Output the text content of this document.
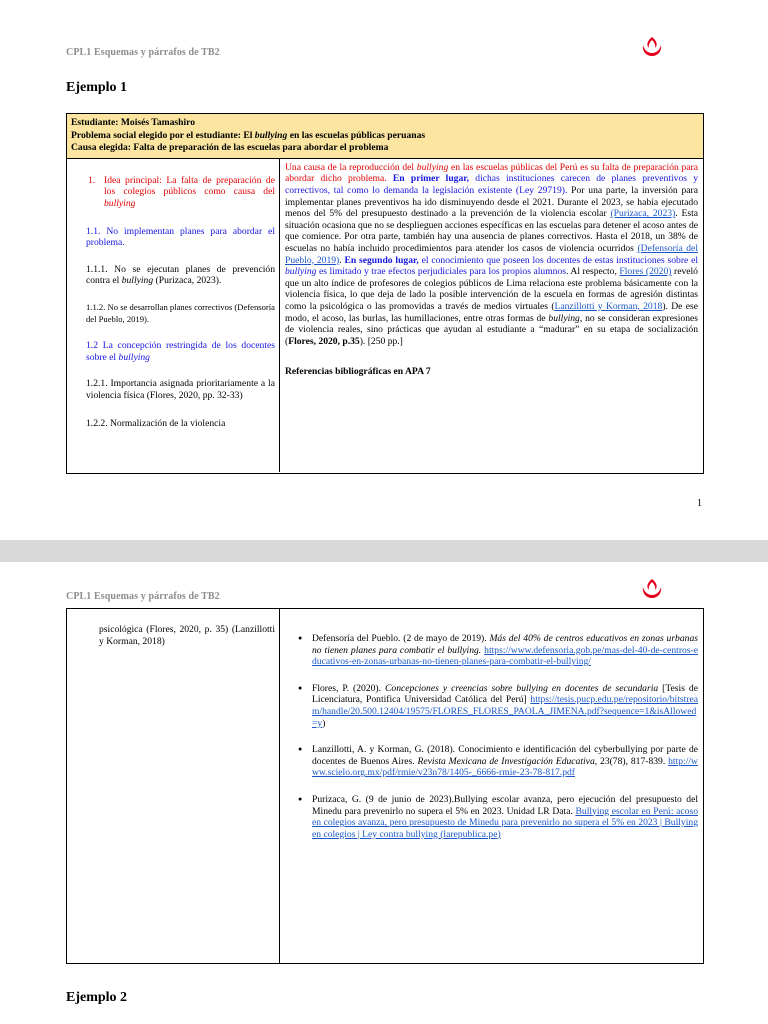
CPL1 Esquemas y párrafos de TB2
Ejemplo 1
Estudiante: Moisés Tamashiro
Problema social elegido por el estudiante: El bullying en las escuelas públicas peruanas
Causa elegida: Falta de preparación de las escuelas para abordar el problema
1. Idea principal: La falta de preparación de los colegios públicos como causa del bullying

1.1. No implementan planes para abordar el problema.

1.1.1. No se ejecutan planes de prevención contra el bullying (Purizaca, 2023).

1.1.2. No se desarrollan planes correctivos (Defensoría del Pueblo, 2019).

1.2 La concepción restringida de los docentes sobre el bullying

1.2.1. Importancia asignada prioritariamente a la violencia física (Flores, 2020, pp. 32-33)

1.2.2. Normalización de la violencia

Una causa de la reproducción del bullying en las escuelas públicas del Perú es su falta de preparación para abordar dicho problema. En primer lugar, dichas instituciones carecen de planes preventivos y correctivos, tal como lo demanda la legislación existente (Ley 29719). Por una parte, la inversión para implementar planes preventivos ha ido disminuyendo desde el 2021. Durante el 2023, se había ejecutado menos del 5% del presupuesto destinado a la prevención de la violencia escolar (Purizaca, 2023). Esta situación ocasiona que no se desplieguen acciones específicas en las escuelas para detener el acoso antes de que comience. Por otra parte, también hay una ausencia de planes correctivos. Hasta el 2018, un 38% de escuelas no había incluido procedimientos para atender los casos de violencia ocurridos (Defensoría del Pueblo, 2019). En segundo lugar, el conocimiento que poseen los docentes de estas instituciones sobre el bullying es limitado y trae efectos perjudiciales para los propios alumnos. Al respecto, Flores (2020) reveló que un alto índice de profesores de colegios públicos de Lima relaciona este problema básicamente con la violencia física, lo que deja de lado la posible intervención de la escuela en formas de agresión distintas como la psicológica o las promovidas a través de medios virtuales (Lanzillotti y Korman, 2018). De ese modo, el acoso, las burlas, las humillaciones, entre otras formas de bullying, no se consideran expresiones de violencia reales, sino prácticas que ayudan al estudiante a “madurar” en su etapa de socialización (Flores, 2020, p.35). [250 pp.]
Referencias bibliográficas en APA 7
1
CPL1 Esquemas y párrafos de TB2
psicológica (Flores, 2020, p. 35) (Lanzillotti y Korman, 2018)
●	Defensoría del Pueblo. (2 de mayo de 2019). Más del 40% de centros educativos en zonas urbanas no tienen planes para combatir el bullying. https://www.defensoria.gob.pe/mas-del-40-de-centros-educativos-en-zonas-urbanas-no-tienen-planes-para-combatir-el-bullying/
● Flores, P. (2020). Concepciones y creencias sobre bullying en docentes de secundaria [Tesis de Licenciatura, Pontifica Universidad Católica del Perú] https://tesis.pucp.edu.pe/repositorio/bitstream/handle/20.500.12404/19575/FLORES_FLORES_PAOLA_JIMENA.pdf?sequence=1&isAllowed=y)
● Lanzillotti, A. y Korman, G. (2018). Conocimiento e identificación del cyberbullying por parte de docentes de Buenos Aires. Revista Mexicana de Investigación Educativa, 23(78), 817-839. http://www.scielo.org.mx/pdf/rmie/v23n78/1405-_6666-rmie-23-78-817.pdf
● Purizaca, G. (9 de junio de 2023).Bullying escolar avanza, pero ejecución del presupuesto del Minedu para prevenirlo no supera el 5% en 2023. Unidad LR Data. Bullying escolar en Perú: acoso en colegios avanza, pero presupuesto de Minedu para prevenirlo no supera el 5% en 2023 | Bullying en colegios | Ley contra bullying (larepublica.pe)
Ejemplo 2
